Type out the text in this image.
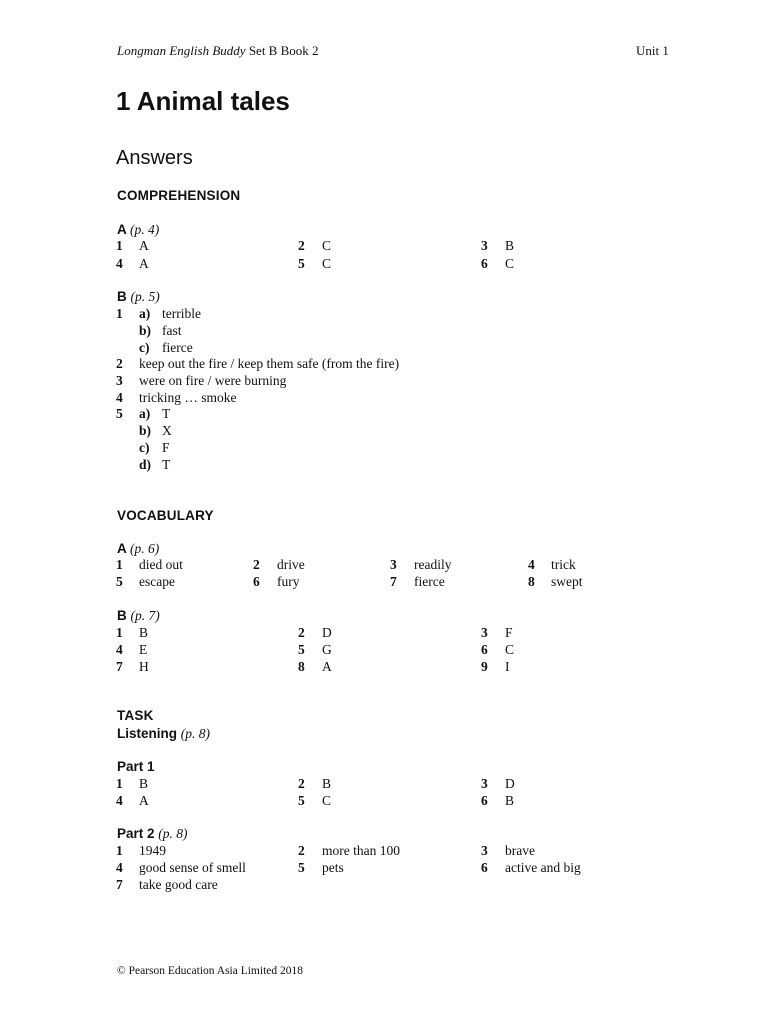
Longman English Buddy Set B Book 2	Unit 1
1 Animal tales
Answers
COMPREHENSION
A (p. 4)
1 A	2 C	3 B
4 A	5 C	6 C
B (p. 5)
1 a) terrible
b) fast
c) fierce
2 keep out the fire / keep them safe (from the fire)
3 were on fire / were burning
4 tricking … smoke
5 a) T
b) X
c) F
d) T
VOCABULARY
A (p. 6)
1 died out	2 drive	3 readily	4 trick
5 escape	6 fury	7 fierce	8 swept
B (p. 7)
1 B	2 D	3 F
4 E	5 G	6 C
7 H	8 A	9 I
TASK
Listening (p. 8)
Part 1
1 B	2 B	3 D
4 A	5 C	6 B
Part 2 (p. 8)
1 1949	2 more than 100	3 brave
4 good sense of smell	5 pets	6 active and big
7 take good care
© Pearson Education Asia Limited 2018
